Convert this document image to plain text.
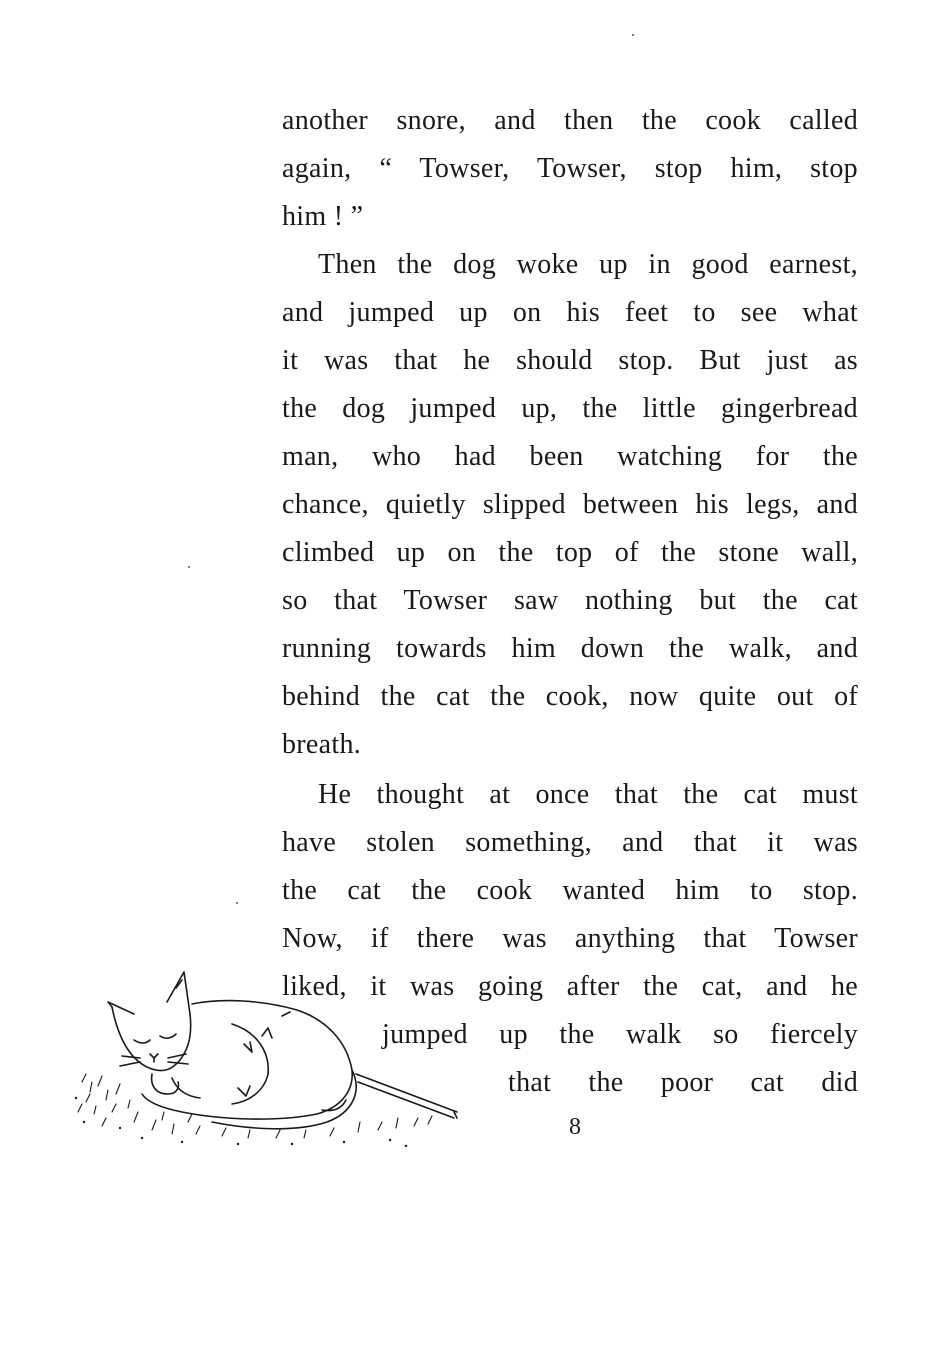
another snore, and then the cook called
again, “ Towser, Towser, stop him, stop
him ! ”
Then the dog woke up in good earnest,
and jumped up on his feet to see what
it was that he should stop. But just as
the dog jumped up, the little gingerbread
man, who had been watching for the
chance, quietly slipped between his legs, and
climbed up on the top of the stone wall,
so that Towser saw nothing but the cat
running towards him down the walk, and
behind the cat the cook, now quite out of
breath.
He thought at once that the cat must
have stolen something, and that it was
the cat the cook wanted him to stop.
Now, if there was anything that Towser
liked, it was going after the cat, and he
jumped up the walk so fiercely
that the poor cat did
8
